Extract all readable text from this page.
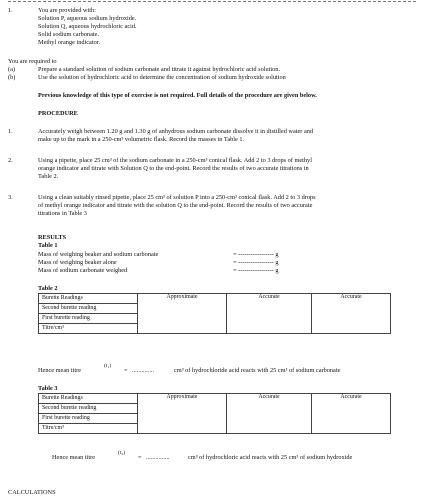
1.	You are provided with:
Solution P, aqueous sodium hydroxide.
Solution Q, aqueous hydrochloric acid.
Solid sodium carbonate.
Methyl orange indicator.
You are required to
(a)	Prepare a standard solution of sodium carbonate and titrate it against hydrochloric acid solution.
(b)	Use the solution of hydrochloric acid to determine the concentration of sodium hydroxide solution
Previous knowledge of this type of exercise is not required. Full details of the procedure are given below.
PROCEDURE
1.	Accurately weigh between 1.20 g and 1.30 g of anhydrous sodium carbonate dissolve it in distilled water and
make up to the mark in a 250-cm³ volumetric flask. Record the masses in Table 1.
2.	Using a pipette, place 25 cm³ of the sodium carbonate in a 250-cm³ conical flask. Add 2 to 3 drops of methyl
orange indicator and titrate with Solution Q to the end-point. Record the results of two accurate titrations in
Table 2.
3.	Using a clean suitably rinsed pipette, place 25 cm³ of solution P into a 250-cm³ conical flask. Add 2 to 3 drops
of methyl orange indicator and titrate with the solution Q to the end-point. Record the results of two accurate
titrations in Table 3
RESULTS
Table 1
Mass of weighing beaker and sodium carbonate	= ----------------- g
Mass of weighing beaker alone	= ----------------- g
Mass of sodium carbonate weighed	= ----------------- g
Table 2
Burette Readings	Approximate	Accurate	Accurate
Second burette reading
First burette reading
Titre/cm³
Hence mean titre
(t₁)
= ..............	cm³ of hydrochloride acid reacts with 25 cm³ of sodium carbonate
Table 3
Burette Readings	Approximate	Accurate	Accurate
Second burette reading
First burette reading
Titre/cm³
Hence mean titre
(t₂)
= ...............	cm³ of hydrochloric acid reacts with 25 cm³ of sodium hydroxide
CALCULATIONS
